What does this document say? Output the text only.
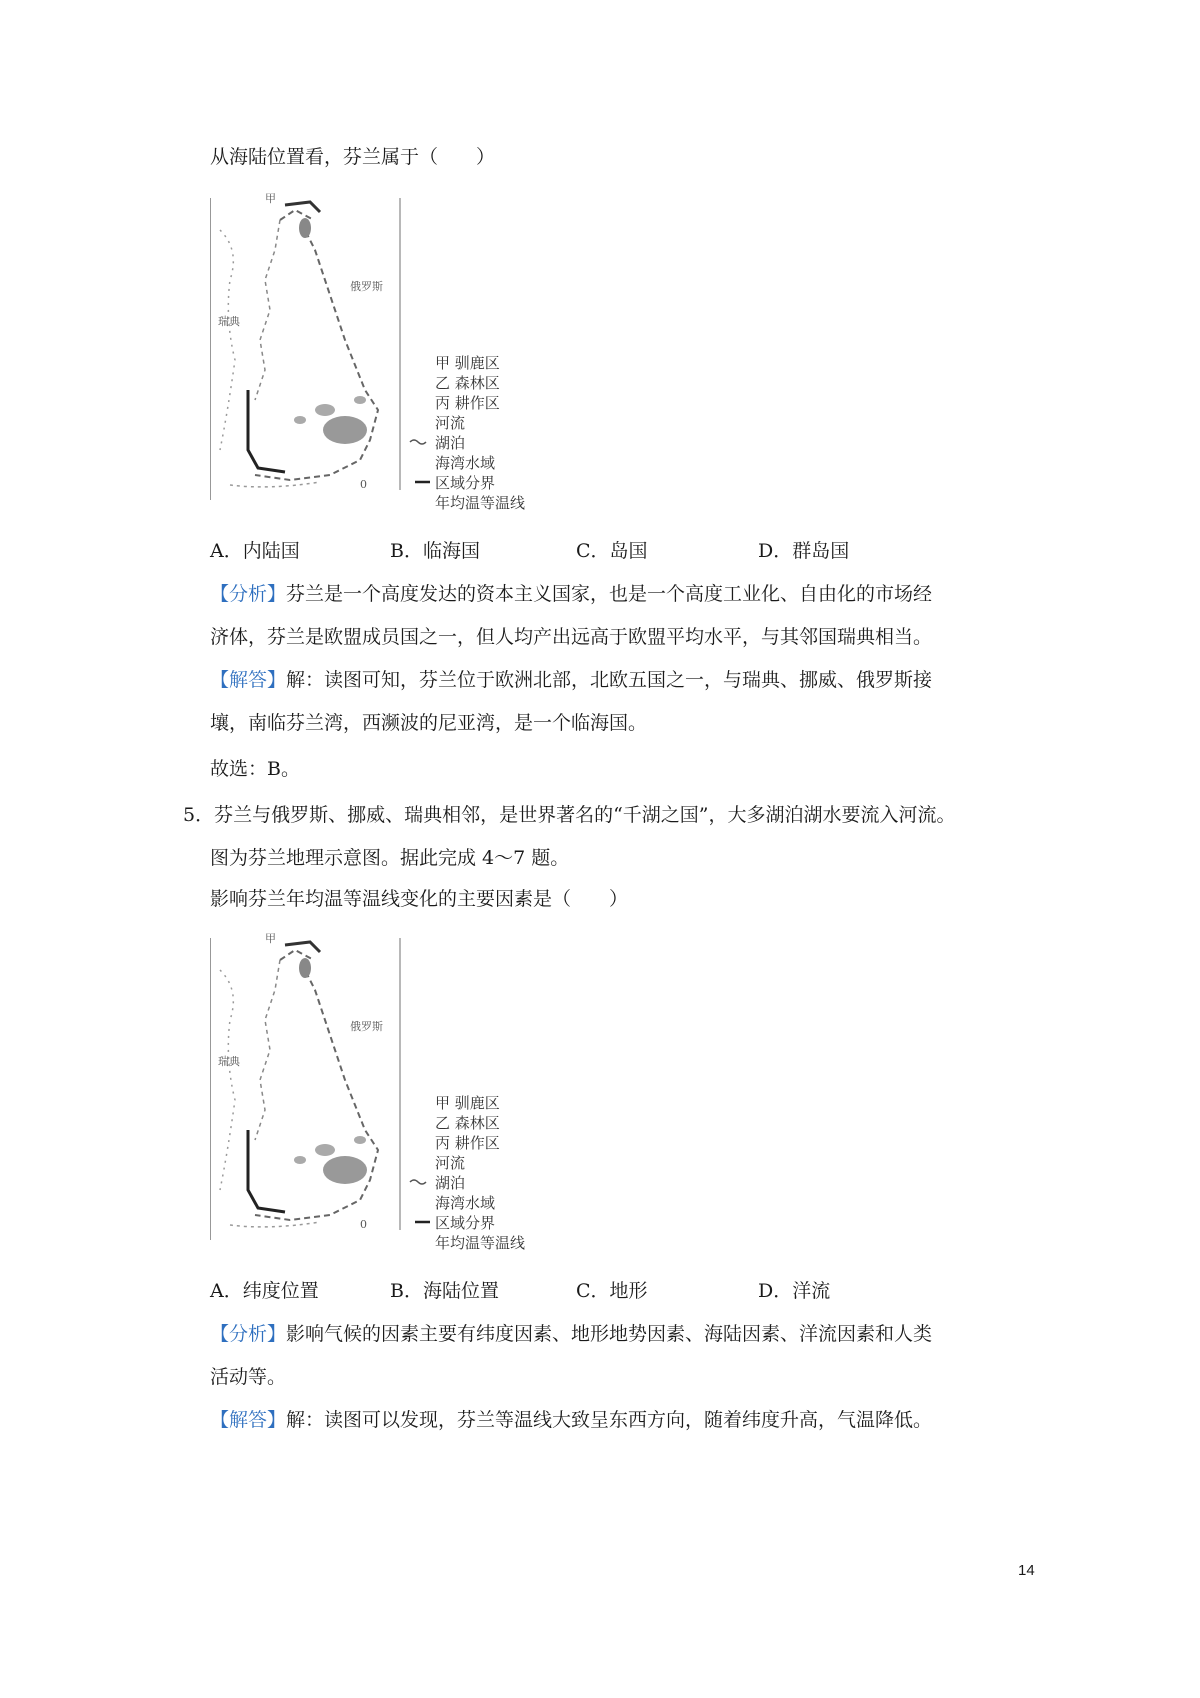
从海陆位置看，芬兰属于（　　）
甲
俄罗斯
瑞典
0
甲 驯鹿区
乙 森林区
丙 耕作区
河流
湖泊
海湾水域
区域分界
年均温等温线
A．内陆国	B．临海国	C．岛国	D．群岛国
【分析】芬兰是一个高度发达的资本主义国家，也是一个高度工业化、自由化的市场经
济体，芬兰是欧盟成员国之一，但人均产出远高于欧盟平均水平，与其邻国瑞典相当。
【解答】解：读图可知，芬兰位于欧洲北部，北欧五国之一，与瑞典、挪威、俄罗斯接
壤，南临芬兰湾，西濒波的尼亚湾，是一个临海国。
故选：B。
5．芬兰与俄罗斯、挪威、瑞典相邻，是世界著名的“千湖之国”，大多湖泊湖水要流入河流。
图为芬兰地理示意图。据此完成 4～7 题。
影响芬兰年均温等温线变化的主要因素是（　　）
甲
俄罗斯
瑞典
0
甲 驯鹿区
乙 森林区
丙 耕作区
河流
湖泊
海湾水域
区域分界
年均温等温线
A．纬度位置	B．海陆位置	C．地形	D．洋流
【分析】影响气候的因素主要有纬度因素、地形地势因素、海陆因素、洋流因素和人类
活动等。
【解答】解：读图可以发现，芬兰等温线大致呈东西方向，随着纬度升高，气温降低。
14
